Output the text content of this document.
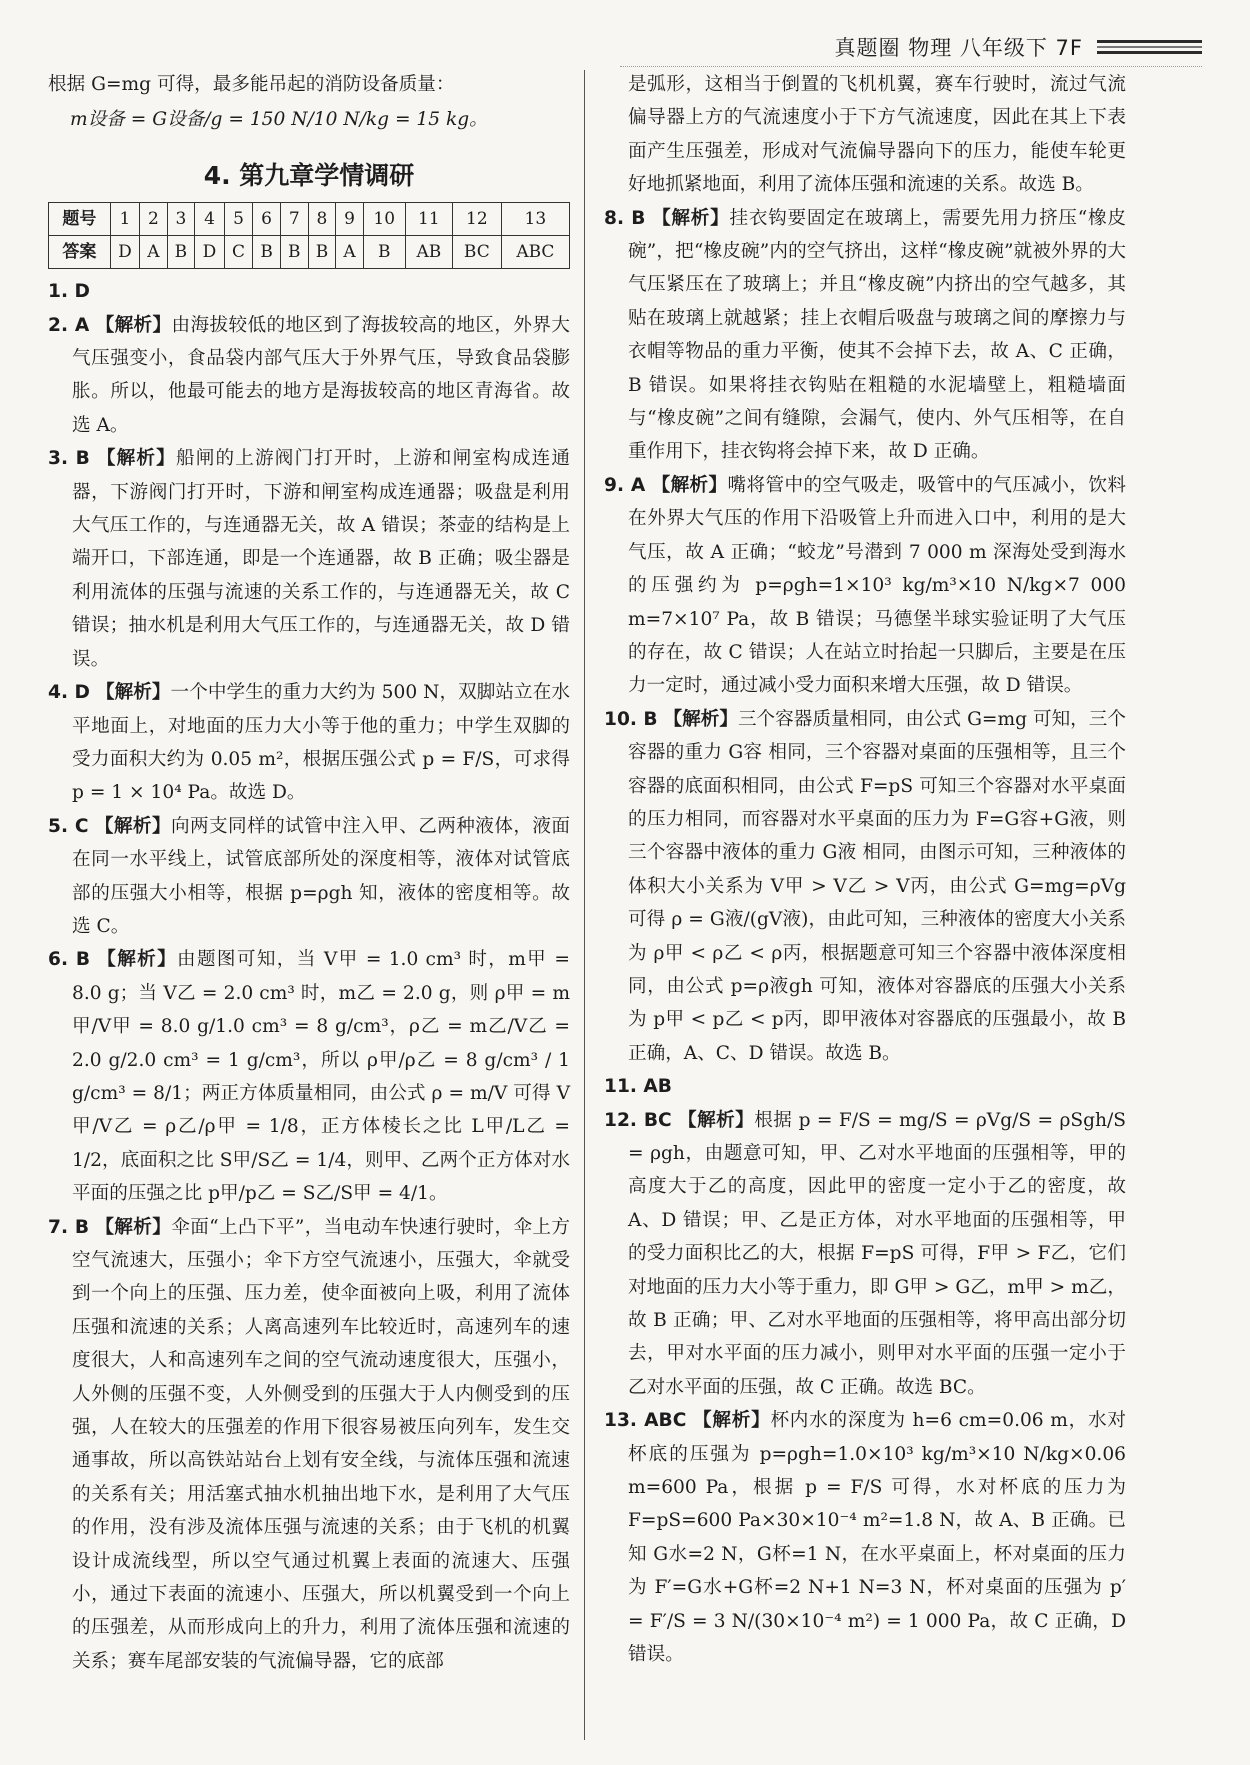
真题圈 物理 八年级下 7F

根据 G=mg 可得，最多能吊起的消防设备质量：

m设备 = G设备/g = 150 N/10 N/kg = 15 kg。

4. 第九章学情调研
题号	1	2	3	4	5	6	7	8	9	10	11	12	13
答案	D	A	B	D	C	B	B	B	A	B	AB	BC	ABC

1. D

2. A 【解析】由海拔较低的地区到了海拔较高的地区，外界大气压强变小，食品袋内部气压大于外界气压，导致食品袋膨胀。所以，他最可能去的地方是海拔较高的地区青海省。故选 A。

3. B 【解析】船闸的上游阀门打开时，上游和闸室构成连通器，下游阀门打开时，下游和闸室构成连通器；吸盘是利用大气压工作的，与连通器无关，故 A 错误；茶壶的结构是上端开口，下部连通，即是一个连通器，故 B 正确；吸尘器是利用流体的压强与流速的关系工作的，与连通器无关，故 C 错误；抽水机是利用大气压工作的，与连通器无关，故 D 错误。

4. D 【解析】一个中学生的重力大约为 500 N，双脚站立在水平地面上，对地面的压力大小等于他的重力；中学生双脚的受力面积大约为 0.05 m²，根据压强公式 p = F/S，可求得 p = 1 × 10⁴ Pa。故选 D。

5. C 【解析】向两支同样的试管中注入甲、乙两种液体，液面在同一水平线上，试管底部所处的深度相等，液体对试管底部的压强大小相等，根据 p=ρgh 知，液体的密度相等。故选 C。

6. B 【解析】由题图可知，当 V甲 = 1.0 cm³ 时，m甲 = 8.0 g；当 V乙 = 2.0 cm³ 时，m乙 = 2.0 g，则 ρ甲 = m甲/V甲 = 8.0 g/1.0 cm³ = 8 g/cm³，ρ乙 = m乙/V乙 = 2.0 g/2.0 cm³ = 1 g/cm³，所以 ρ甲/ρ乙 = 8 g/cm³ / 1 g/cm³ = 8/1；两正方体质量相同，由公式 ρ = m/V 可得 V甲/V乙 = ρ乙/ρ甲 = 1/8，正方体棱长之比 L甲/L乙 = 1/2，底面积之比 S甲/S乙 = 1/4，则甲、乙两个正方体对水平面的压强之比 p甲/p乙 = S乙/S甲 = 4/1。

7. B 【解析】伞面“上凸下平”，当电动车快速行驶时，伞上方空气流速大，压强小；伞下方空气流速小，压强大，伞就受到一个向上的压强、压力差，使伞面被向上吸，利用了流体压强和流速的关系；人离高速列车比较近时，高速列车的速度很大，人和高速列车之间的空气流动速度很大，压强小，人外侧的压强不变，人外侧受到的压强大于人内侧受到的压强，人在较大的压强差的作用下很容易被压向列车，发生交通事故，所以高铁站站台上划有安全线，与流体压强和流速的关系有关；用活塞式抽水机抽出地下水，是利用了大气压的作用，没有涉及流体压强与流速的关系；由于飞机的机翼设计成流线型，所以空气通过机翼上表面的流速大、压强小，通过下表面的流速小、压强大，所以机翼受到一个向上的压强差，从而形成向上的升力，利用了流体压强和流速的关系；赛车尾部安装的气流偏导器，它的底部

是弧形，这相当于倒置的飞机机翼，赛车行驶时，流过气流偏导器上方的气流速度小于下方气流速度，因此在其上下表面产生压强差，形成对气流偏导器向下的压力，能使车轮更好地抓紧地面，利用了流体压强和流速的关系。故选 B。

8. B 【解析】挂衣钩要固定在玻璃上，需要先用力挤压“橡皮碗”，把“橡皮碗”内的空气挤出，这样“橡皮碗”就被外界的大气压紧压在了玻璃上；并且“橡皮碗”内挤出的空气越多，其贴在玻璃上就越紧；挂上衣帽后吸盘与玻璃之间的摩擦力与衣帽等物品的重力平衡，使其不会掉下去，故 A、C 正确，B 错误。如果将挂衣钩贴在粗糙的水泥墙壁上，粗糙墙面与“橡皮碗”之间有缝隙，会漏气，使内、外气压相等，在自重作用下，挂衣钩将会掉下来，故 D 正确。

9. A 【解析】嘴将管中的空气吸走，吸管中的气压减小，饮料在外界大气压的作用下沿吸管上升而进入口中，利用的是大气压，故 A 正确；“蛟龙”号潜到 7 000 m 深海处受到海水的压强约为 p=ρgh=1×10³ kg/m³×10 N/kg×7 000 m=7×10⁷ Pa，故 B 错误；马德堡半球实验证明了大气压的存在，故 C 错误；人在站立时抬起一只脚后，主要是在压力一定时，通过减小受力面积来增大压强，故 D 错误。

10. B 【解析】三个容器质量相同，由公式 G=mg 可知，三个容器的重力 G容 相同，三个容器对桌面的压强相等，且三个容器的底面积相同，由公式 F=pS 可知三个容器对水平桌面的压力相同，而容器对水平桌面的压力为 F=G容+G液，则三个容器中液体的重力 G液 相同，由图示可知，三种液体的体积大小关系为 V甲 > V乙 > V丙，由公式 G=mg=ρVg 可得 ρ = G液/(gV液)，由此可知，三种液体的密度大小关系为 ρ甲 < ρ乙 < ρ丙，根据题意可知三个容器中液体深度相同，由公式 p=ρ液gh 可知，液体对容器底的压强大小关系为 p甲 < p乙 < p丙，即甲液体对容器底的压强最小，故 B 正确，A、C、D 错误。故选 B。

11. AB

12. BC 【解析】根据 p = F/S = mg/S = ρVg/S = ρSgh/S = ρgh，由题意可知，甲、乙对水平地面的压强相等，甲的高度大于乙的高度，因此甲的密度一定小于乙的密度，故 A、D 错误；甲、乙是正方体，对水平地面的压强相等，甲的受力面积比乙的大，根据 F=pS 可得，F甲 > F乙，它们对地面的压力大小等于重力，即 G甲 > G乙，m甲 > m乙，故 B 正确；甲、乙对水平地面的压强相等，将甲高出部分切去，甲对水平面的压力减小，则甲对水平面的压强一定小于乙对水平面的压强，故 C 正确。故选 BC。

13. ABC 【解析】杯内水的深度为 h=6 cm=0.06 m，水对杯底的压强为 p=ρgh=1.0×10³ kg/m³×10 N/kg×0.06 m=600 Pa，根据 p = F/S 可得，水对杯底的压力为 F=pS=600 Pa×30×10⁻⁴ m²=1.8 N，故 A、B 正确。已知 G水=2 N，G杯=1 N，在水平桌面上，杯对桌面的压力为 F′=G水+G杯=2 N+1 N=3 N，杯对桌面的压强为 p′ = F′/S = 3 N/(30×10⁻⁴ m²) = 1 000 Pa，故 C 正确，D 错误。
